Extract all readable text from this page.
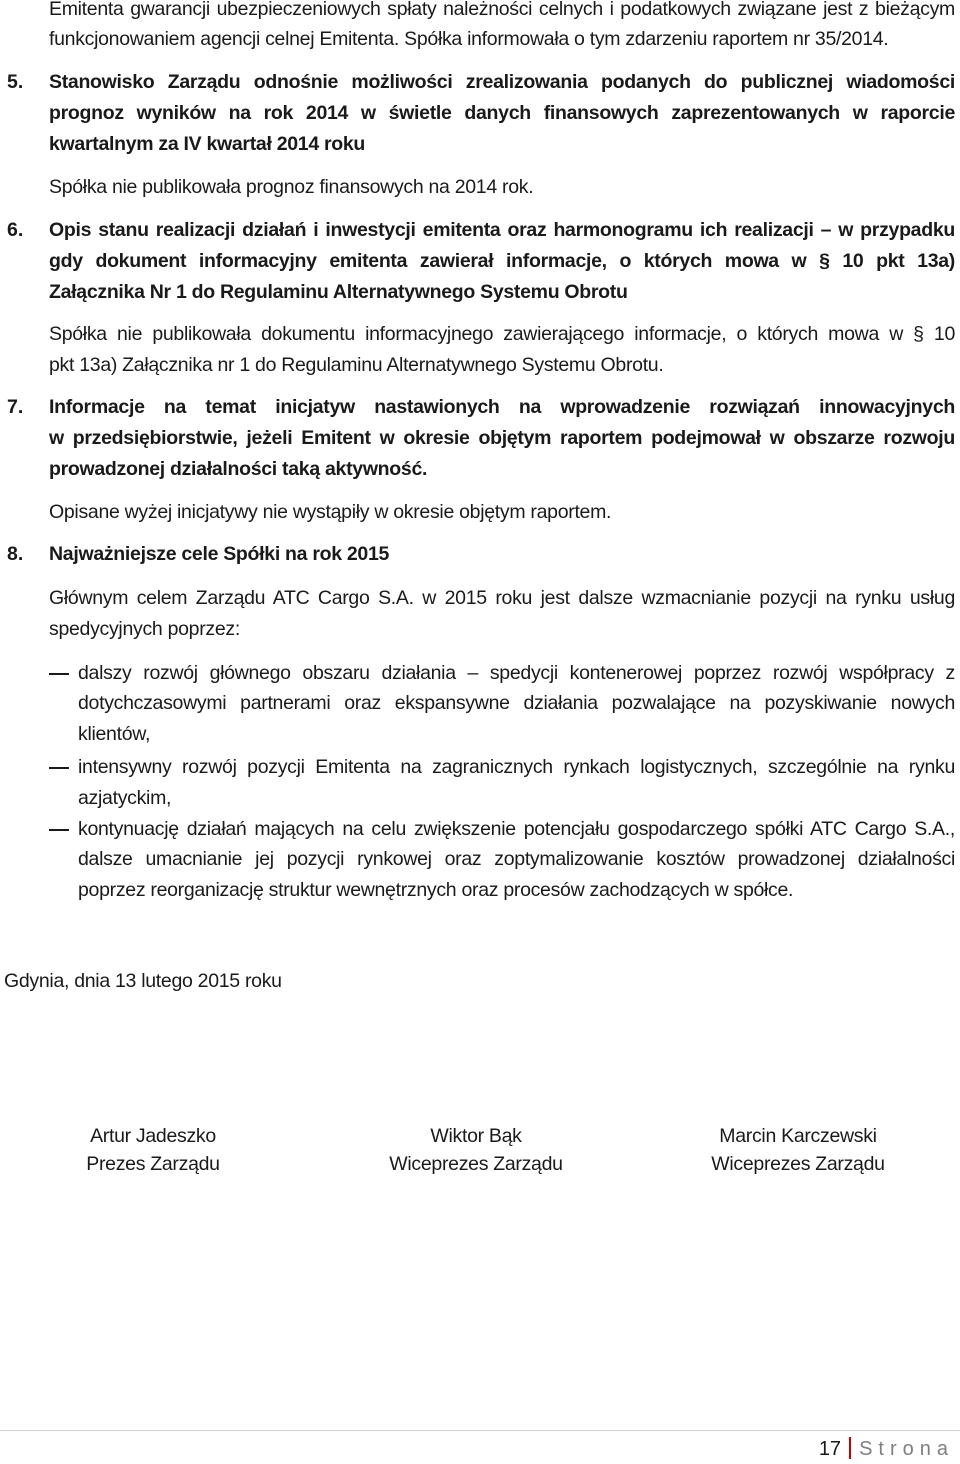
Emitenta gwarancji ubezpieczeniowych spłaty należności celnych i podatkowych związane jest z bieżącym
funkcjonowaniem agencji celnej Emitenta. Spółka informowała o tym zdarzeniu raportem nr 35/2014.
5. Stanowisko Zarządu odnośnie możliwości zrealizowania podanych do publicznej wiadomości
prognoz wyników na rok 2014 w świetle danych finansowych zaprezentowanych w raporcie
kwartalnym za IV kwartał 2014 roku
Spółka nie publikowała prognoz finansowych na 2014 rok.
6. Opis stanu realizacji działań i inwestycji emitenta oraz harmonogramu ich realizacji – w przypadku
gdy dokument informacyjny emitenta zawierał informacje, o których mowa w § 10 pkt 13a)
Załącznika Nr 1 do Regulaminu Alternatywnego Systemu Obrotu
Spółka nie publikowała dokumentu informacyjnego zawierającego informacje, o których mowa w § 10
pkt 13a) Załącznika nr 1 do Regulaminu Alternatywnego Systemu Obrotu.
7. Informacje na temat inicjatyw nastawionych na wprowadzenie rozwiązań innowacyjnych
w przedsiębiorstwie, jeżeli Emitent w okresie objętym raportem podejmował w obszarze rozwoju
prowadzonej działalności taką aktywność.
Opisane wyżej inicjatywy nie wystąpiły w okresie objętym raportem.
8. Najważniejsze cele Spółki na rok 2015
Głównym celem Zarządu ATC Cargo S.A. w 2015 roku jest dalsze wzmacnianie pozycji na rynku usług
spedycyjnych poprzez:
dalszy rozwój głównego obszaru działania – spedycji kontenerowej poprzez rozwój współpracy z
dotychczasowymi partnerami oraz ekspansywne działania pozwalające na pozyskiwanie nowych
klientów,
intensywny rozwój pozycji Emitenta na zagranicznych rynkach logistycznych, szczególnie na rynku
azjatyckim,
kontynuację działań mających na celu zwiększenie potencjału gospodarczego spółki ATC Cargo S.A.,
dalsze umacnianie jej pozycji rynkowej oraz zoptymalizowanie kosztów prowadzonej działalności
poprzez reorganizację struktur wewnętrznych oraz procesów zachodzących w spółce.
Gdynia, dnia 13 lutego 2015 roku
Artur Jadeszko
Prezes Zarządu
Wiktor Bąk
Wiceprezes Zarządu
Marcin Karczewski
Wiceprezes Zarządu
17 Strona
